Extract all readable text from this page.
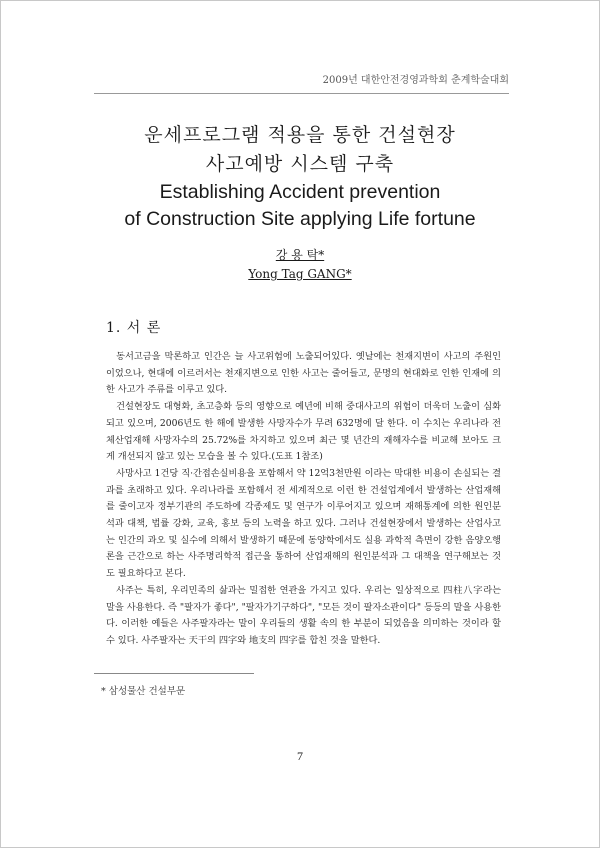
2009년 대한안전경영과학회 춘계학술대회
운세프로그램 적용을 통한 건설현장
사고예방 시스템 구축
Establishing Accident prevention
of Construction Site applying Life fortune
강 용 탁*
Yong Tag GANG*
1. 서 론

동서고금을 막론하고 인간은 늘 사고위험에 노출되어있다. 옛날에는 천재지변이 사고의 주원인 이었으나, 현대에 이르러서는 천재지변으로 인한 사고는 줄어들고, 문명의 현대화로 인한 인재에 의한 사고가 주류를 이루고 있다.

건설현장도 대형화, 초고층화 등의 영향으로 예년에 비해 중대사고의 위험이 더욱더 노출이 심화되고 있으며, 2006년도 한 해에 발생한 사망자수가 무려 632명에 달 한다. 이 수치는 우리나라 전체산업재해 사망자수의 25.72%를 차지하고 있으며 최근 몇 년간의 재해자수를 비교해 보아도 크게 개선되지 않고 있는 모습을 볼 수 있다.(도표 1참조)

사망사고 1건당 직·간접손실비용을 포함해서 약 12억3천만원 이라는 막대한 비용이 손실되는 결과를 초래하고 있다. 우리나라를 포함해서 전 세계적으로 이런 한 건설업계에서 발생하는 산업재해를 줄이고자 정부기관의 주도하에 각종제도 및 연구가 이루어지고 있으며 재해통계에 의한 원인분석과 대책, 법률 강화, 교육, 홍보 등의 노력을 하고 있다. 그러나 건설현장에서 발생하는 산업사고는 인간의 과오 및 실수에 의해서 발생하기 때문에 동양학에서도 실용 과학적 측면이 강한 음양오행론을 근간으로 하는 사주명리학적 접근을 통하여 산업재해의 원인분석과 그 대책을 연구해보는 것도 필요하다고 본다.

사주는 특히, 우리민족의 삶과는 밀접한 연관을 가지고 있다. 우리는 일상적으로 四柱八字라는 말을 사용한다. 즉 "팔자가 좋다", "팔자가기구하다", "모든 것이 팔자소관이다" 등등의 말을 사용한다. 이러한 예들은 사주팔자라는 말이 우리들의 생활 속의 한 부분이 되었음을 의미하는 것이라 할 수 있다. 사주팔자는 天干의 四字와 地支의 四字를 합친 것을 말한다.

* 삼성물산 건설부문
7
